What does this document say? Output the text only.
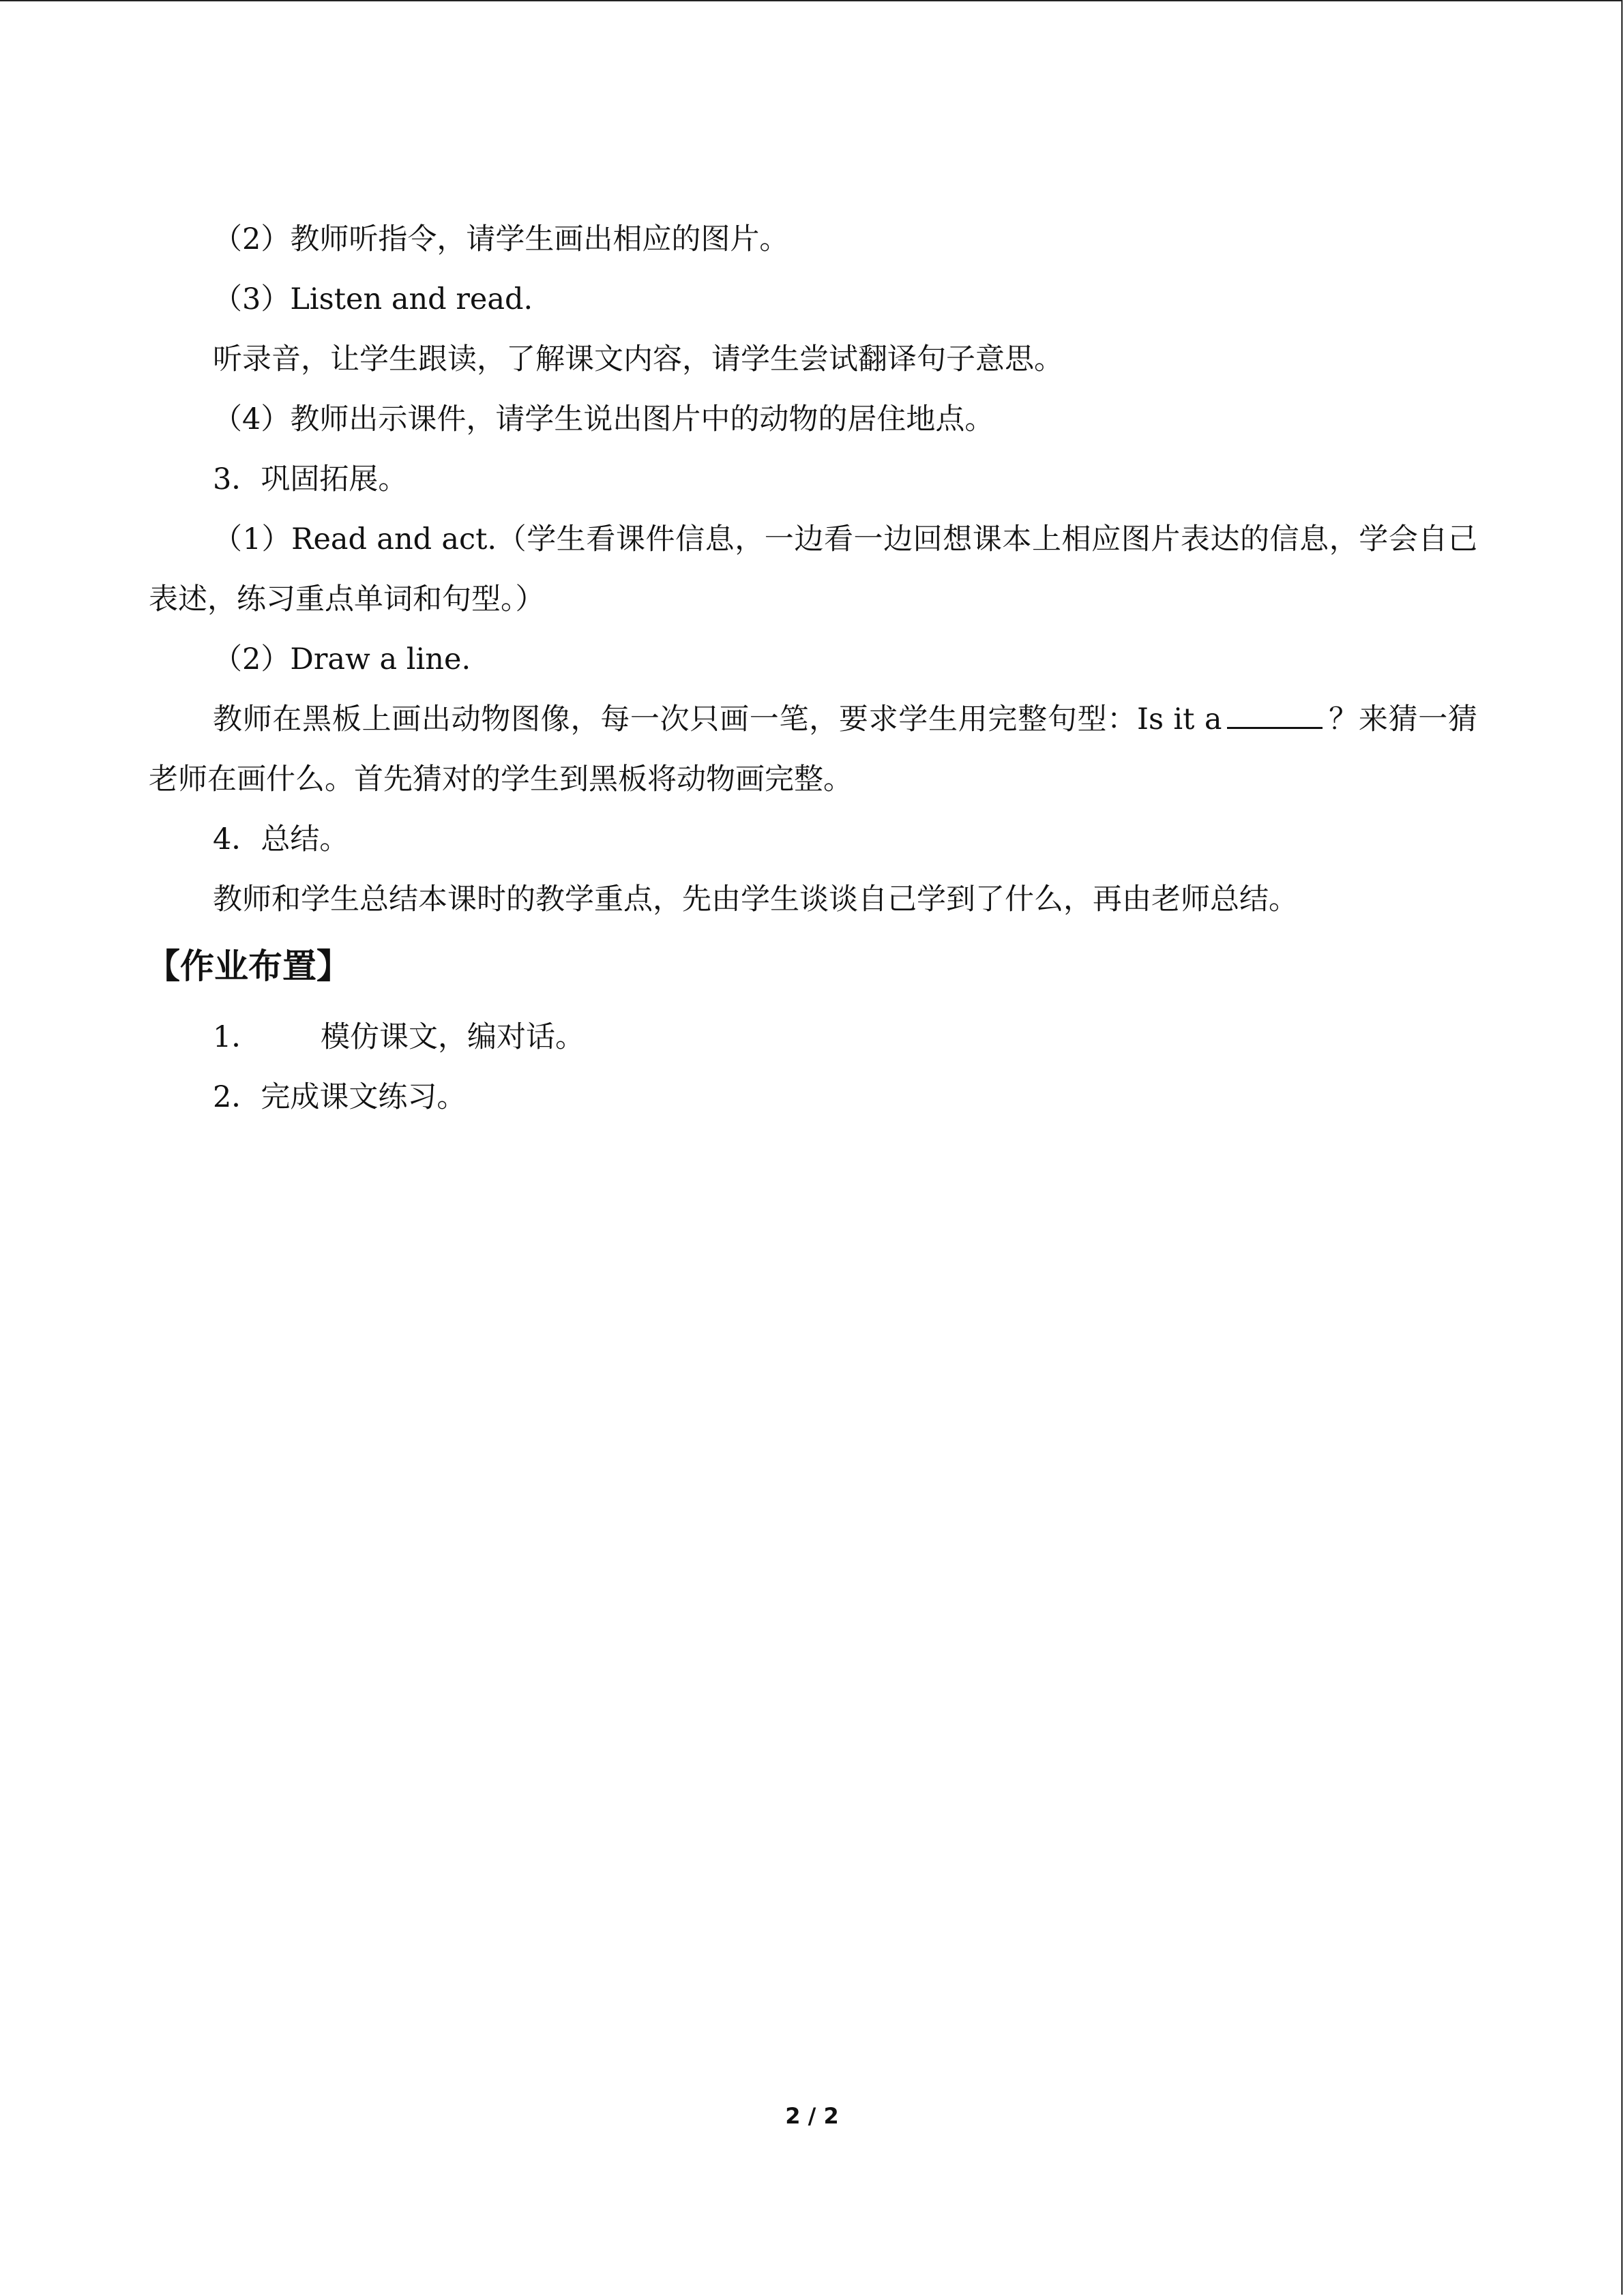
（2）教师听指令，请学生画出相应的图片。

（3）Listen and read.

听录音，让学生跟读，了解课文内容，请学生尝试翻译句子意思。

（4）教师出示课件，请学生说出图片中的动物的居住地点。

3．巩固拓展。

（1）Read and act.（学生看课件信息，一边看一边回想课本上相应图片表达的信息，学会自己表述，练习重点单词和句型。）

（2）Draw a line.

教师在黑板上画出动物图像，每一次只画一笔，要求学生用完整句型：Is it a	？来猜一猜老师在画什么。首先猜对的学生到黑板将动物画完整。

4．总结。

教师和学生总结本课时的教学重点，先由学生谈谈自己学到了什么，再由老师总结。

【作业布置】
1． 模仿课文，编对话。
2．完成课文练习。
2 / 2
